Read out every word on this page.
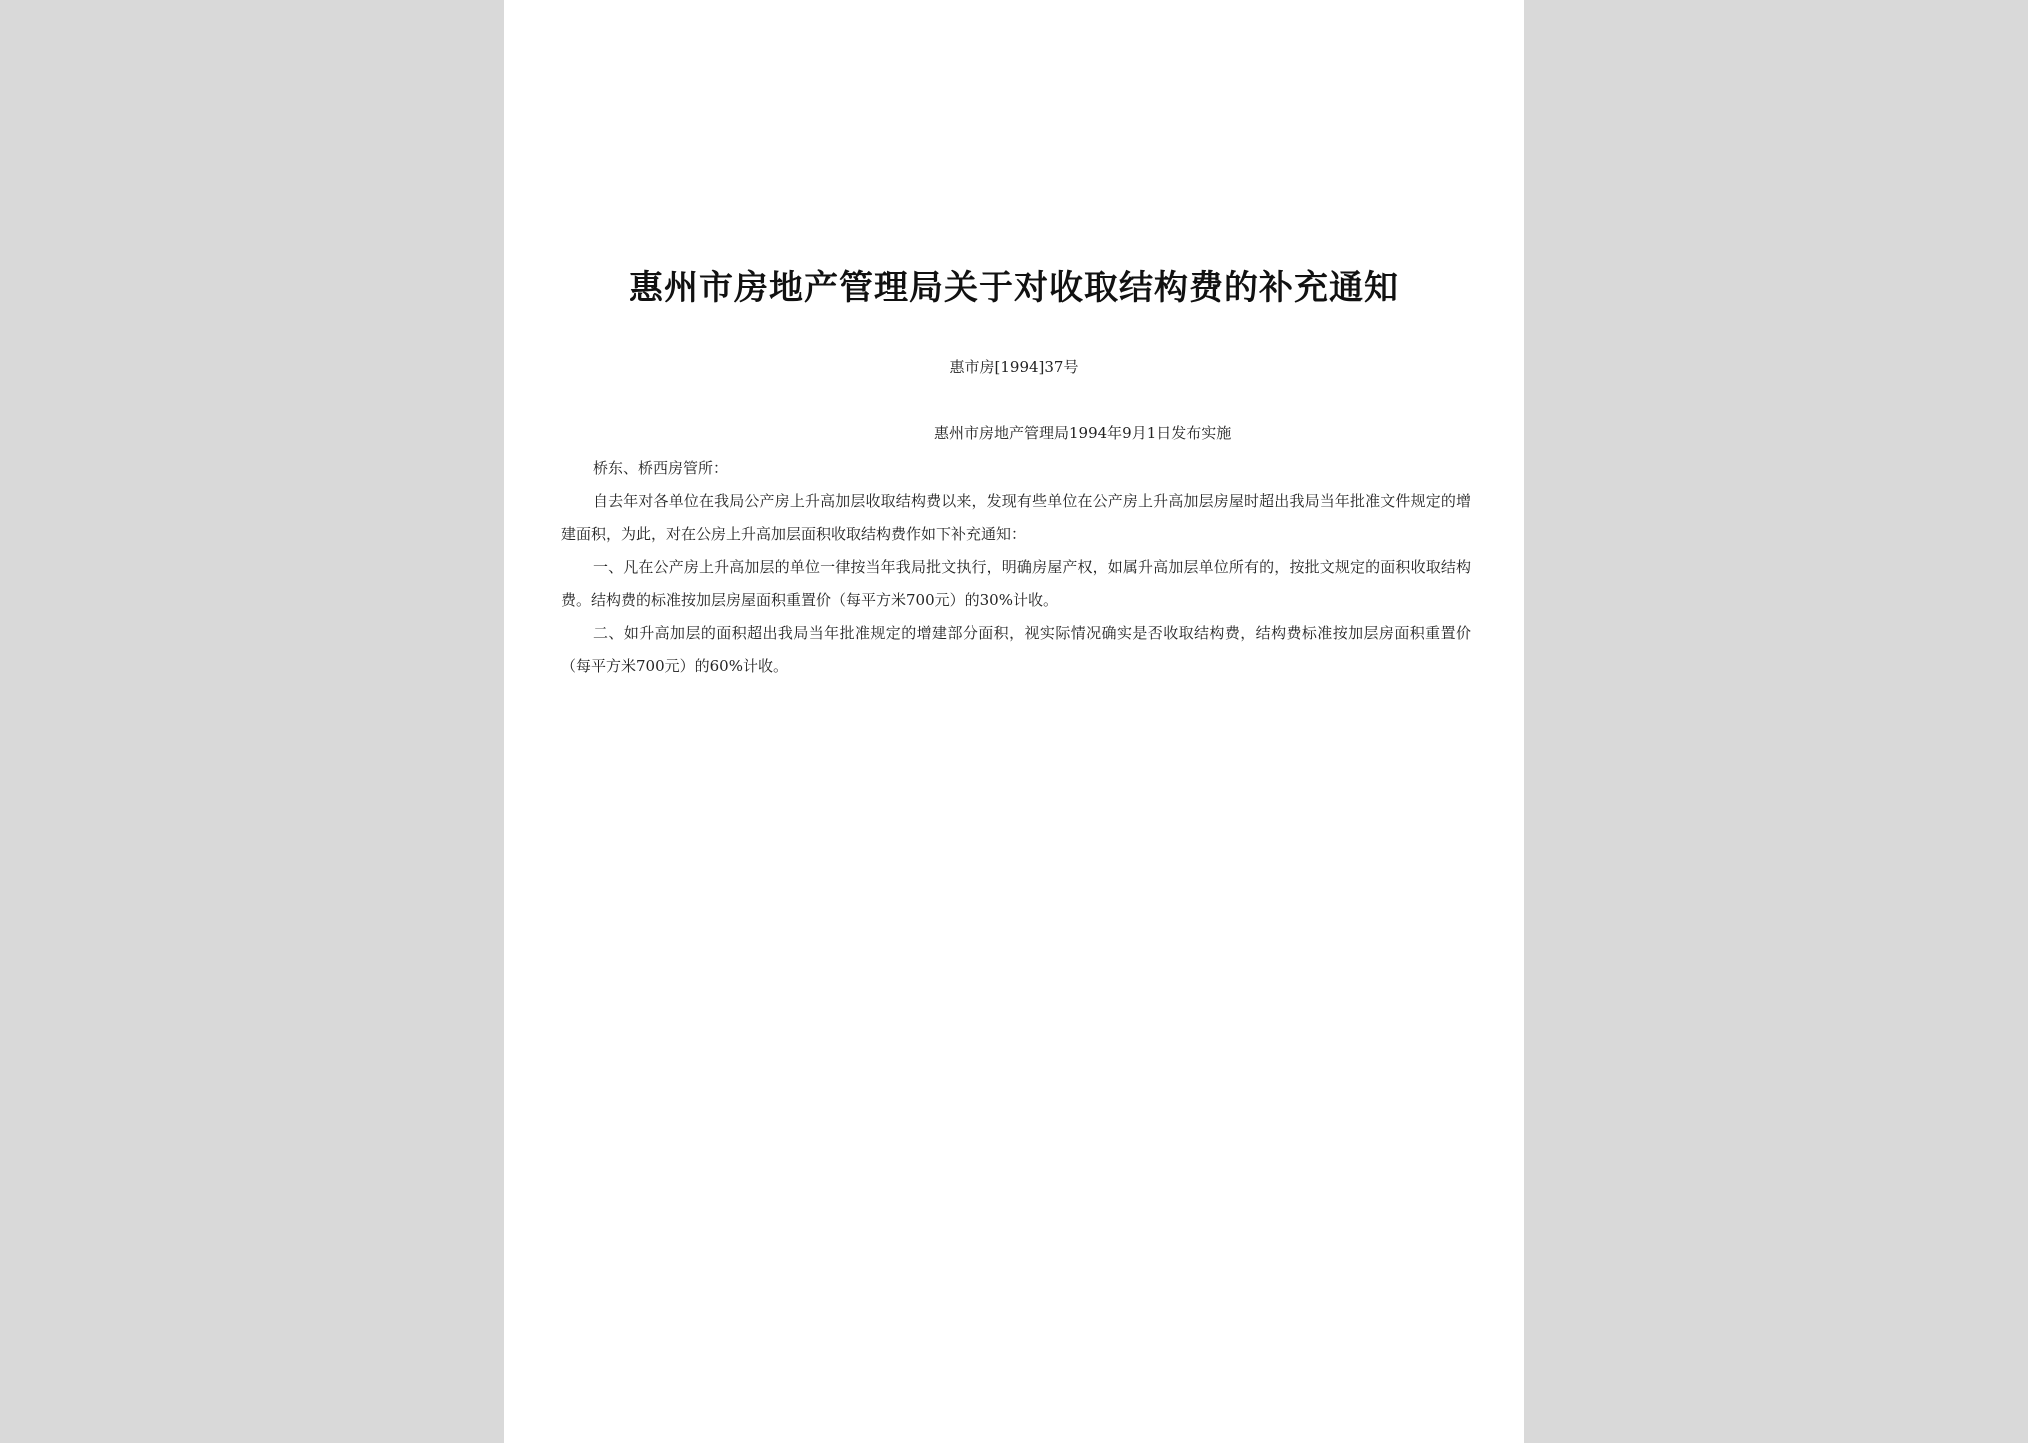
惠州市房地产管理局关于对收取结构费的补充通知

惠市房[1994]37号

惠州市房地产管理局1994年9月1日发布实施

桥东、桥西房管所：

自去年对各单位在我局公产房上升高加层收取结构费以来，发现有些单位在公产房上升高加层房屋时超出我局当年批准文件规定的增建面积，为此，对在公房上升高加层面积收取结构费作如下补充通知：

一、凡在公产房上升高加层的单位一律按当年我局批文执行，明确房屋产权，如属升高加层单位所有的，按批文规定的面积收取结构费。结构费的标准按加层房屋面积重置价（每平方米700元）的30%计收。

二、如升高加层的面积超出我局当年批准规定的增建部分面积，视实际情况确实是否收取结构费，结构费标准按加层房面积重置价（每平方米700元）的60%计收。
